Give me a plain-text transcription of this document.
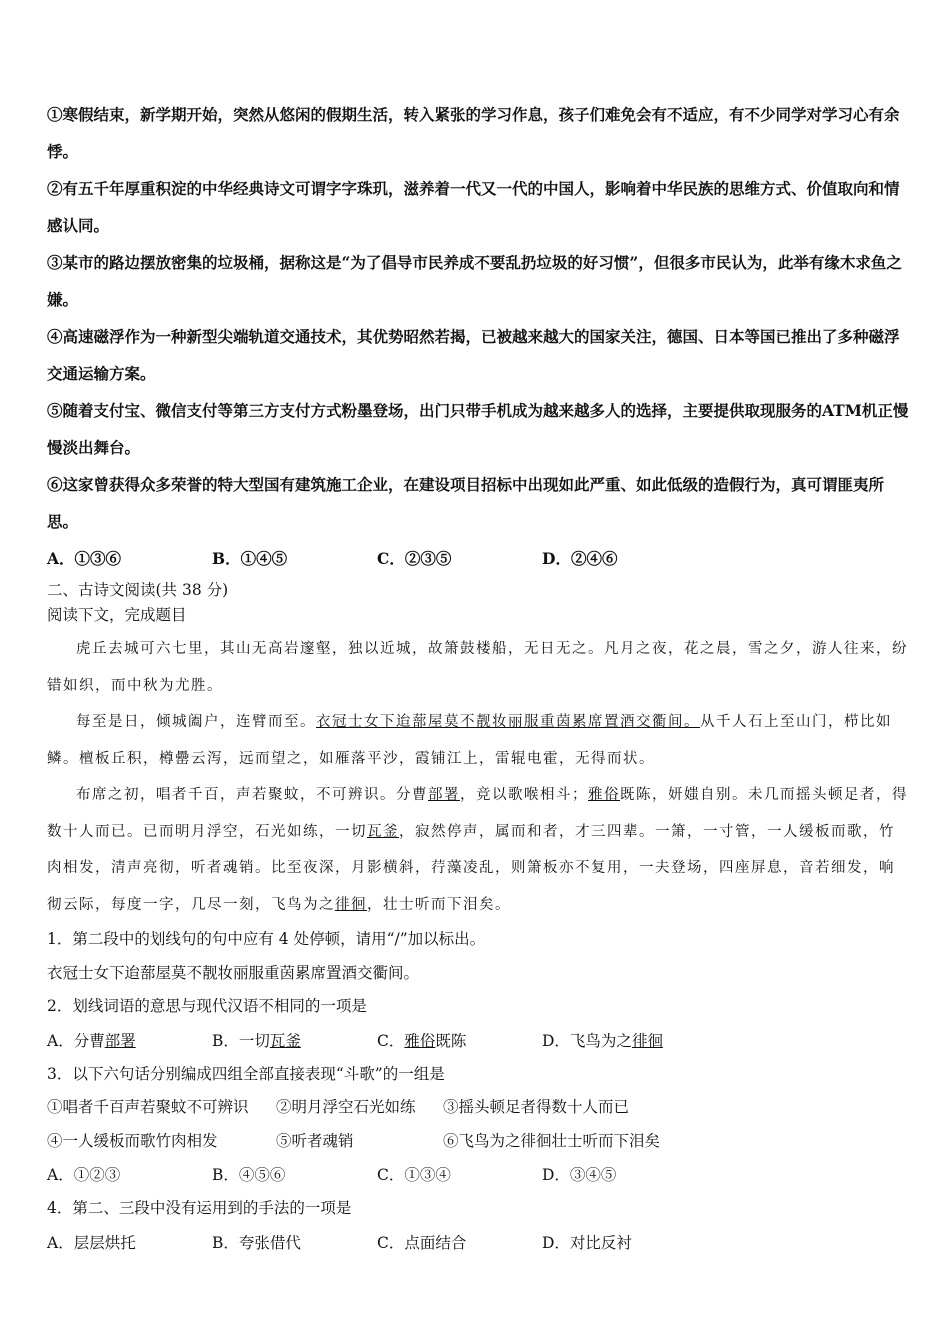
①寒假结束，新学期开始，突然从悠闲的假期生活，转入紧张的学习作息，孩子们难免会有不适应，有不少同学对学习心有余悸。

②有五千年厚重积淀的中华经典诗文可谓字字珠玑，滋养着一代又一代的中国人，影响着中华民族的思维方式、价值取向和情感认同。

③某市的路边摆放密集的垃圾桶，据称这是“为了倡导市民养成不要乱扔垃圾的好习惯”，但很多市民认为，此举有缘木求鱼之嫌。

④高速磁浮作为一种新型尖端轨道交通技术，其优势昭然若揭，已被越来越大的国家关注，德国、日本等国已推出了多种磁浮交通运输方案。

⑤随着支付宝、微信支付等第三方支付方式粉墨登场，出门只带手机成为越来越多人的选择，主要提供取现服务的ATM机正慢慢淡出舞台。

⑥这家曾获得众多荣誉的特大型国有建筑施工企业，在建设项目招标中出现如此严重、如此低级的造假行为，真可谓匪夷所思。

A．①③⑥	B．①④⑤	C．②③⑤	D．②④⑥
二、古诗文阅读(共 38 分)
阅读下文，完成题目

虎丘去城可六七里，其山无高岩邃壑，独以近城，故箫鼓楼船，无日无之。凡月之夜，花之晨，雪之夕，游人往来，纷错如织，而中秋为尤胜。

每至是日，倾城阖户，连臂而至。衣冠士女下迨蔀屋莫不靓妆丽服重茵累席置酒交衢间。从千人石上至山门，栉比如鳞。檀板丘积，樽罍云泻，远而望之，如雁落平沙，霞铺江上，雷辊电霍，无得而状。

布席之初，唱者千百，声若聚蚊，不可辨识。分曹部署，竞以歌喉相斗；雅俗既陈，妍媸自别。未几而摇头顿足者，得数十人而已。已而明月浮空，石光如练，一切瓦釜，寂然停声，属而和者，才三四辈。一箫，一寸管，一人缓板而歌，竹肉相发，清声亮彻，听者魂销。比至夜深，月影横斜，荇藻凌乱，则箫板亦不复用，一夫登场，四座屏息，音若细发，响彻云际，每度一字，几尽一刻，飞鸟为之徘徊，壮士听而下泪矣。

1．第二段中的划线句的句中应有 4 处停顿，请用“/”加以标出。

衣冠士女下迨蔀屋莫不靓妆丽服重茵累席置酒交衢间。

2．划线词语的意思与现代汉语不相同的一项是

A．分曹部署	B．一切瓦釜	C．雅俗既陈	D．飞鸟为之徘徊

3．以下六句话分别编成四组全部直接表现“斗歌”的一组是

①唱者千百声若聚蚊不可辨识	②明月浮空石光如练	③摇头顿足者得数十人而已
④一人缓板而歌竹肉相发	⑤听者魂销	⑥飞鸟为之徘徊壮士听而下泪矣
A．①②③	B．④⑤⑥	C．①③④	D．③④⑤

4．第二、三段中没有运用到的手法的一项是

A．层层烘托	B．夸张借代	C．点面结合	D．对比反衬
